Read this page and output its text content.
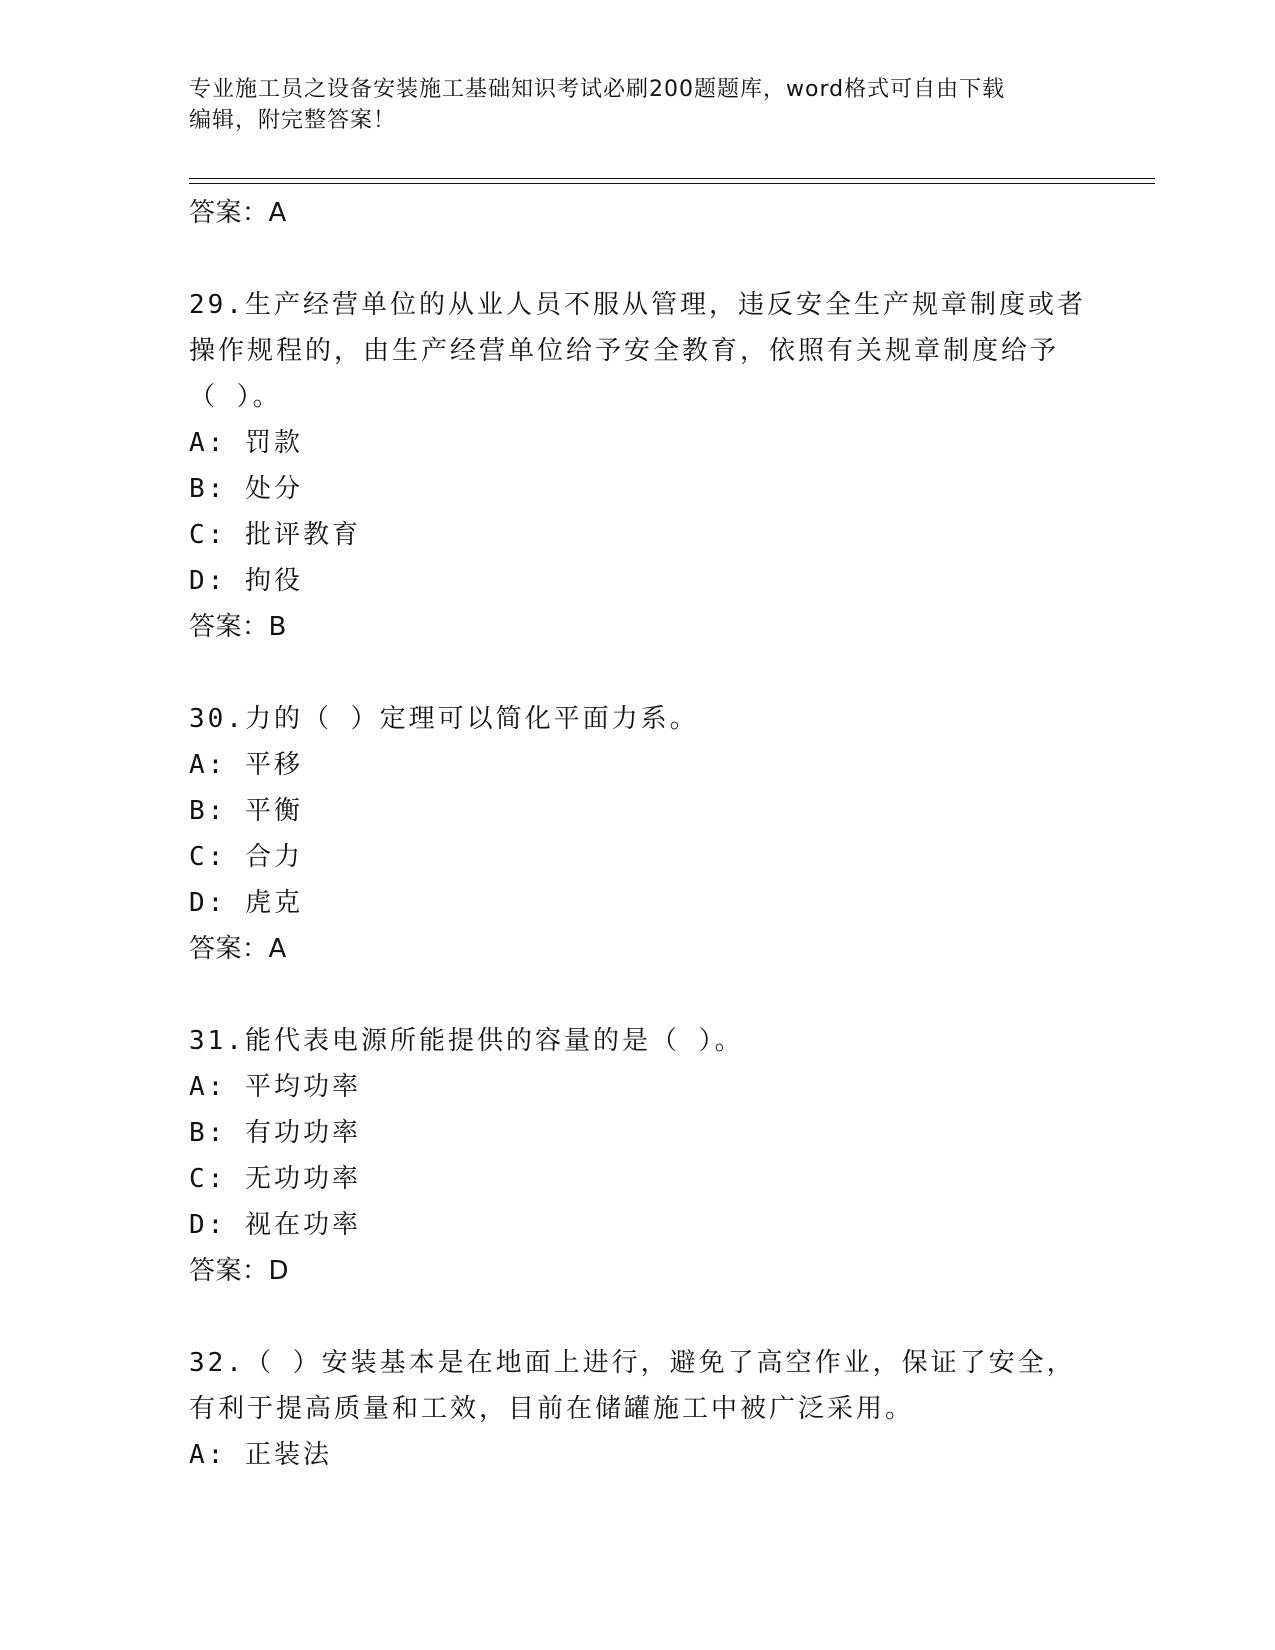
专业施工员之设备安装施工基础知识考试必刷200题题库，word格式可自由下载
编辑，附完整答案！
答案：A
29.生产经营单位的从业人员不服从管理，违反安全生产规章制度或者
操作规程的，由生产经营单位给予安全教育，依照有关规章制度给予
（ ）。
A: 罚款
B: 处分
C: 批评教育
D: 拘役
答案：B
30.力的（ ）定理可以简化平面力系。
A: 平移
B: 平衡
C: 合力
D: 虎克
答案：A
31.能代表电源所能提供的容量的是（ ）。
A: 平均功率
B: 有功功率
C: 无功功率
D: 视在功率
答案：D
32.（ ）安装基本是在地面上进行，避免了高空作业，保证了安全，
有利于提高质量和工效，目前在储罐施工中被广泛采用。
A: 正装法
